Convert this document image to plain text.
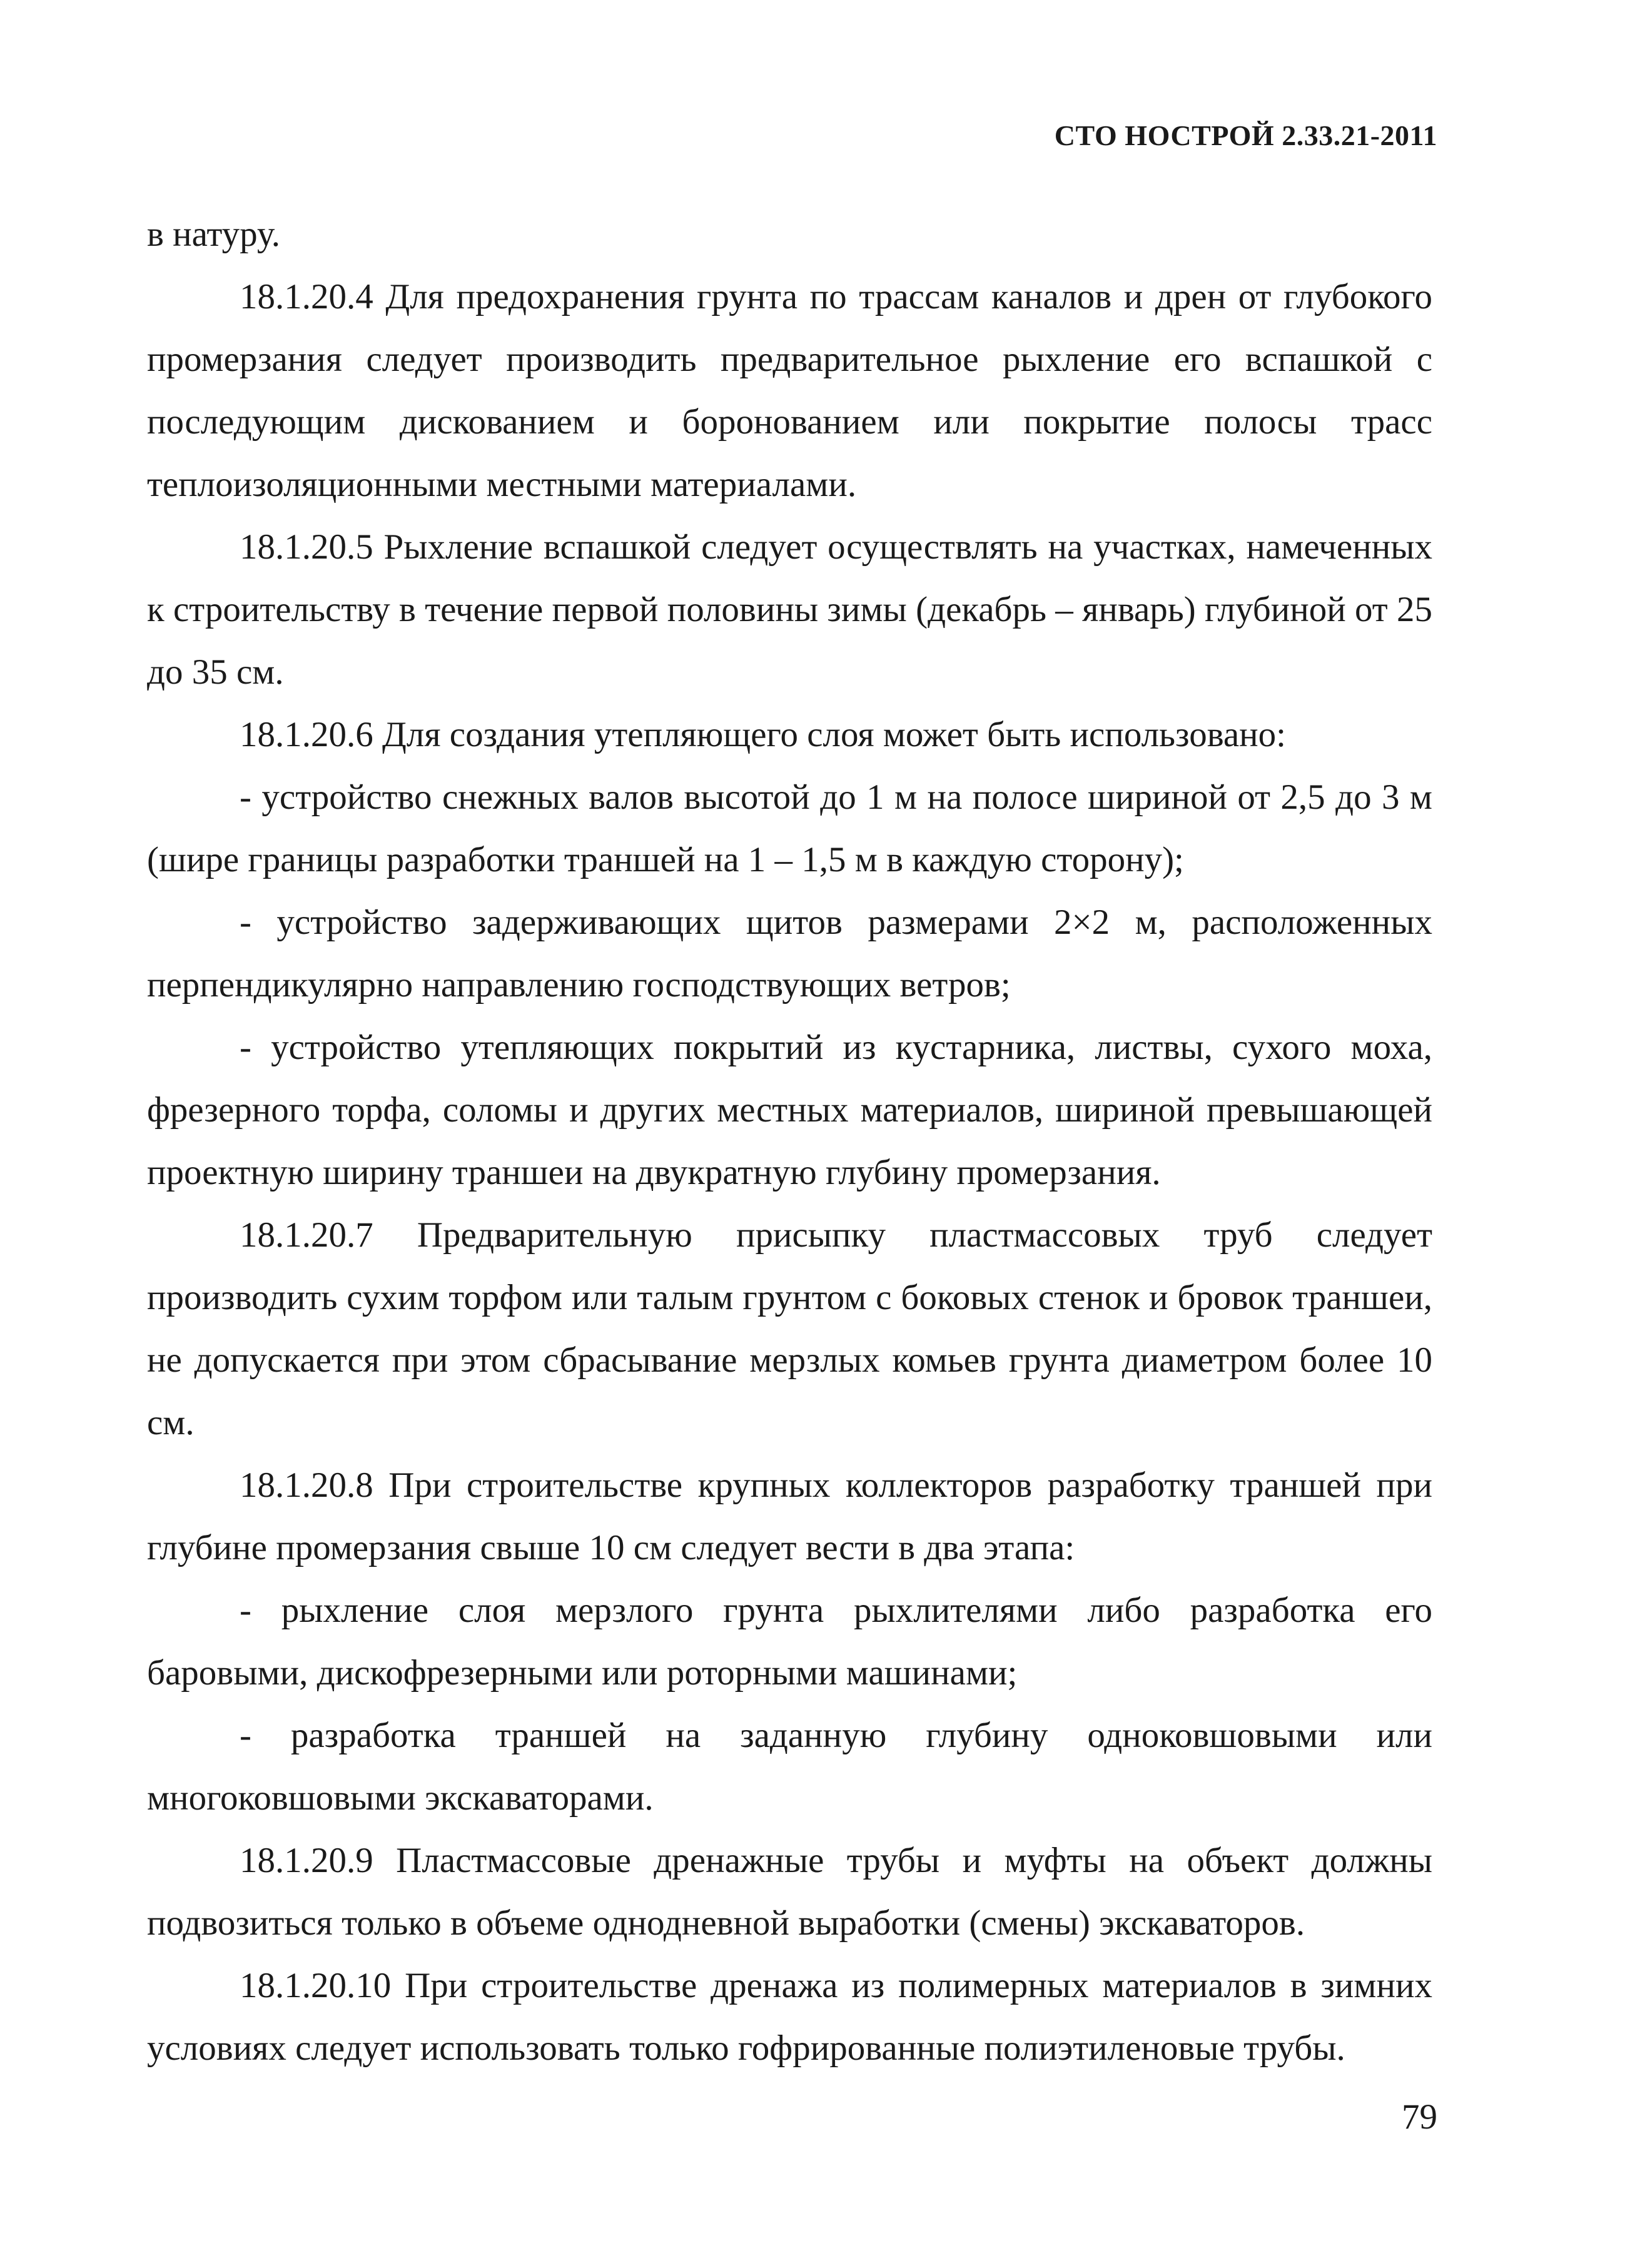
СТО НОСТРОЙ 2.33.21-2011

в натуру.

18.1.20.4 Для предохранения грунта по трассам каналов и дрен от глубокого промерзания следует производить предварительное рыхление его вспашкой с последующим дискованием и боронованием или покрытие полосы трасс теплоизоляционными местными материалами.

18.1.20.5 Рыхление вспашкой следует осуществлять на участках, намеченных к строительству в течение первой половины зимы (декабрь – январь) глубиной от 25 до 35 см.

18.1.20.6 Для создания утепляющего слоя может быть использовано:

- устройство снежных валов высотой до 1 м на полосе шириной от 2,5 до 3 м (шире границы разработки траншей на 1 – 1,5 м в каждую сторону);

- устройство задерживающих щитов размерами 2×2 м, расположенных перпендикулярно направлению господствующих ветров;

- устройство утепляющих покрытий из кустарника, листвы, сухого моха, фрезерного торфа, соломы и других местных материалов, шириной превышающей проектную ширину траншеи на двукратную глубину промерзания.

18.1.20.7 Предварительную присыпку пластмассовых труб следует производить сухим торфом или талым грунтом с боковых стенок и бровок траншеи, не допускается при этом сбрасывание мерзлых комьев грунта диаметром более 10 см.

18.1.20.8 При строительстве крупных коллекторов разработку траншей при глубине промерзания свыше 10 см следует вести в два этапа:

- рыхление слоя мерзлого грунта рыхлителями либо разработка его баровыми, дискофрезерными или роторными машинами;

- разработка траншей на заданную глубину одноковшовыми или многоковшовыми экскаваторами.

18.1.20.9 Пластмассовые дренажные трубы и муфты на объект должны подвозиться только в объеме однодневной выработки (смены) экскаваторов.

18.1.20.10 При строительстве дренажа из полимерных материалов в зимних условиях следует использовать только гофрированные полиэтиленовые трубы.

79
